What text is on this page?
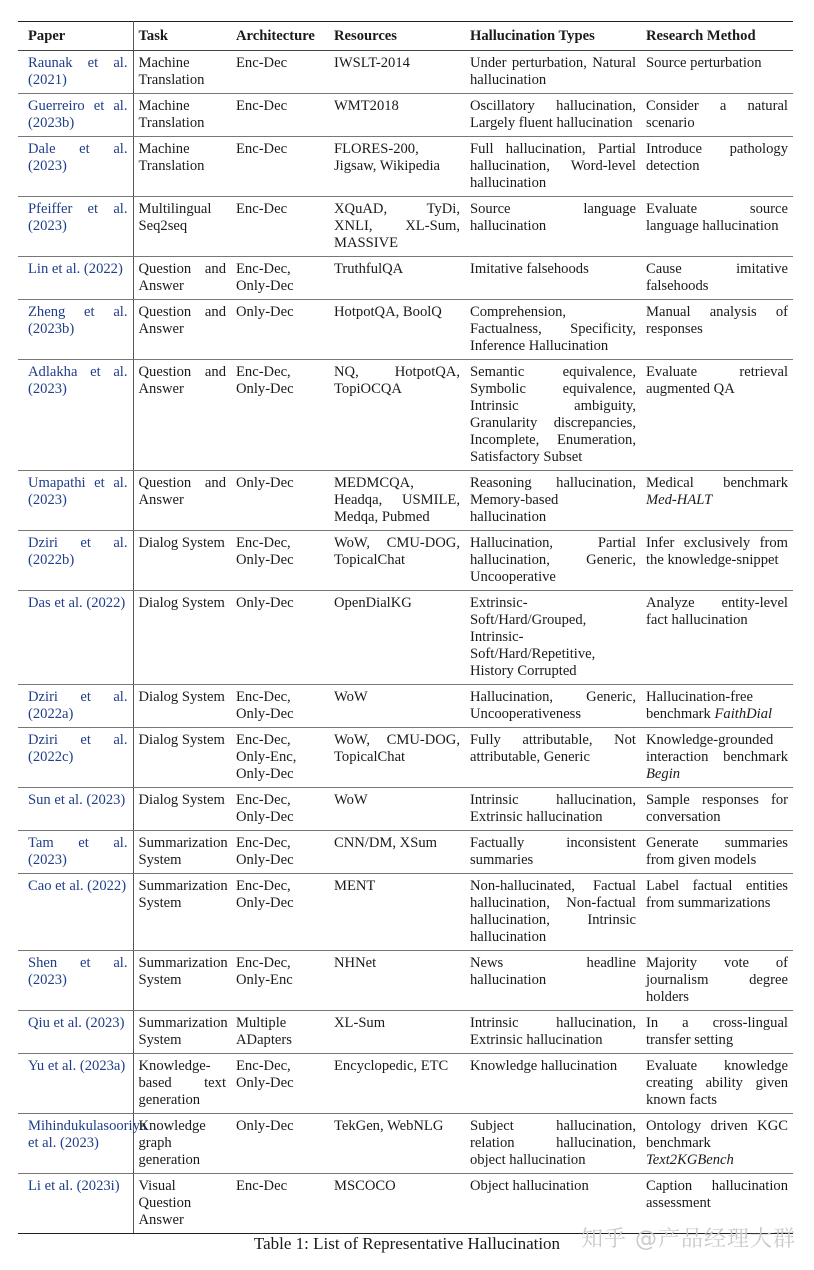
Paper	Task	Architecture	Resources	Hallucination Types	Research Method
Raunak et al. (2021)	Machine Translation	Enc-Dec	IWSLT-2014	Under perturbation, Natural hallucination	Source perturbation
Guerreiro et al. (2023b)	Machine Translation	Enc-Dec	WMT2018	Oscillatory hallucination, Largely fluent hallucination	Consider a natural scenario
Dale et al. (2023)	Machine Translation	Enc-Dec	FLORES-200, Jigsaw, Wikipedia	Full hallucination, Partial hallucination, Word-level hallucination	Introduce pathology detection
Pfeiffer et al. (2023)	Multilingual Seq2seq	Enc-Dec	XQuAD, TyDi, XNLI, XL-Sum, MASSIVE	Source language hallucination	Evaluate source language hallucination
Lin et al. (2022)	Question and Answer	Enc-Dec, Only-Dec	TruthfulQA	Imitative falsehoods	Cause imitative falsehoods
Zheng et al. (2023b)	Question and Answer	Only-Dec	HotpotQA, BoolQ	Comprehension, Factualness, Specificity, Inference Hallucination	Manual analysis of responses
Adlakha et al. (2023)	Question and Answer	Enc-Dec, Only-Dec	NQ, HotpotQA, TopiOCQA	Semantic equivalence, Symbolic equivalence, Intrinsic ambiguity, Granularity discrepancies, Incomplete, Enumeration, Satisfactory Subset	Evaluate retrieval augmented QA
Umapathi et al. (2023)	Question and Answer	Only-Dec	MEDMCQA, Headqa, USMILE, Medqa, Pubmed	Reasoning hallucination, Memory-based hallucination	Medical benchmark Med-HALT
Dziri et al. (2022b)	Dialog System	Enc-Dec, Only-Dec	WoW, CMU-DOG, TopicalChat	Hallucination, Partial hallucination, Generic, Uncooperative	Infer exclusively from the knowledge-snippet
Das et al. (2022)	Dialog System	Only-Dec	OpenDialKG	Extrinsic-Soft/Hard/Grouped, Intrinsic-Soft/Hard/Repetitive, History Corrupted	Analyze entity-level fact hallucination
Dziri et al. (2022a)	Dialog System	Enc-Dec, Only-Dec	WoW	Hallucination, Generic, Uncooperativeness	Hallucination-free benchmark FaithDial
Dziri et al. (2022c)	Dialog System	Enc-Dec, Only-Enc, Only-Dec	WoW, CMU-DOG, TopicalChat	Fully attributable, Not attributable, Generic	Knowledge-grounded interaction benchmark Begin
Sun et al. (2023)	Dialog System	Enc-Dec, Only-Dec	WoW	Intrinsic hallucination, Extrinsic hallucination	Sample responses for conversation
Tam et al. (2023)	Summarization System	Enc-Dec, Only-Dec	CNN/DM, XSum	Factually inconsistent summaries	Generate summaries from given models
Cao et al. (2022)	Summarization System	Enc-Dec, Only-Dec	MENT	Non-hallucinated, Factual hallucination, Non-factual hallucination, Intrinsic hallucination	Label factual entities from summarizations
Shen et al. (2023)	Summarization System	Enc-Dec, Only-Enc	NHNet	News headline hallucination	Majority vote of journalism degree holders
Qiu et al. (2023)	Summarization System	Multiple ADapters	XL-Sum	Intrinsic hallucination, Extrinsic hallucination	In a cross-lingual transfer setting
Yu et al. (2023a)	Knowledge-based text generation	Enc-Dec, Only-Dec	Encyclopedic, ETC	Knowledge hallucination	Evaluate knowledge creating ability given known facts
Mihindukulasooriya et al. (2023)	Knowledge graph generation	Only-Dec	TekGen, WebNLG	Subject hallucination, relation hallucination, object hallucination	Ontology driven KGC benchmark Text2KGBench
Li et al. (2023i)	Visual Question Answer	Enc-Dec	MSCOCO	Object hallucination	Caption hallucination assessment
Table 1: List of Representative Hallucination 知乎 @产品经理大群
